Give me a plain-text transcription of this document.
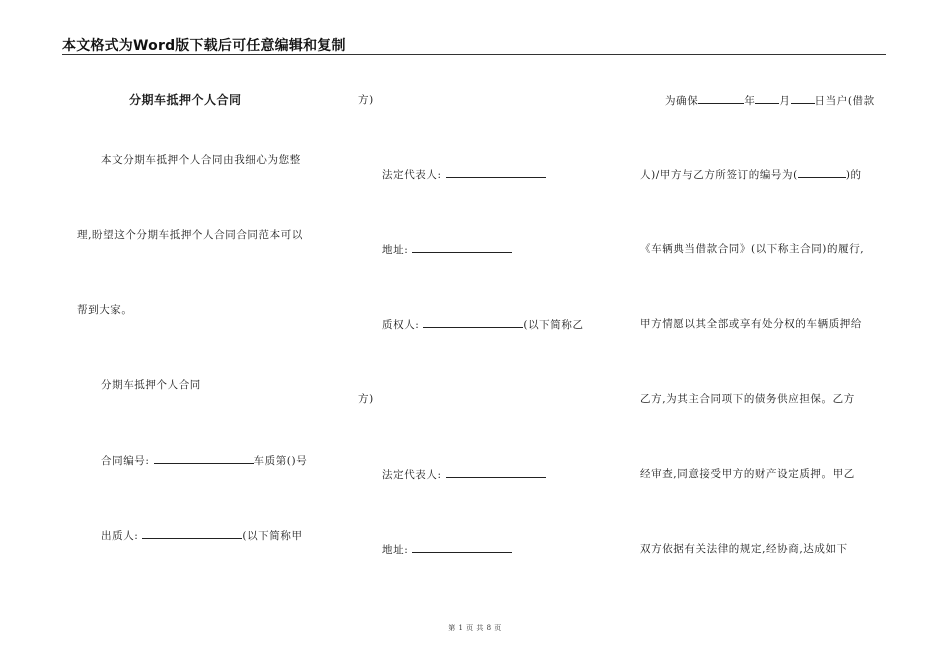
本文格式为Word版下载后可任意编辑和复制
分期车抵押个人合同
本文分期车抵押个人合同由我细心为您整
理,盼望这个分期车抵押个人合同合同范本可以
帮到大家。
分期车抵押个人合同
合同编号:	车质第()号
出质人:	(以下简称甲
方)
法定代表人:
地址:
质权人:	(以下简称乙
方)
法定代表人:
地址:
为确保	年 月 日当户(借款
人)/甲方与乙方所签订的编号为(	)的
《车辆典当借款合同》(以下称主合同)的履行,
甲方情愿以其全部或享有处分权的车辆质押给
乙方,为其主合同项下的债务供应担保。乙方
经审查,同意接受甲方的财产设定质押。甲乙
双方依据有关法律的规定,经协商,达成如下
第 1 页 共 8 页
